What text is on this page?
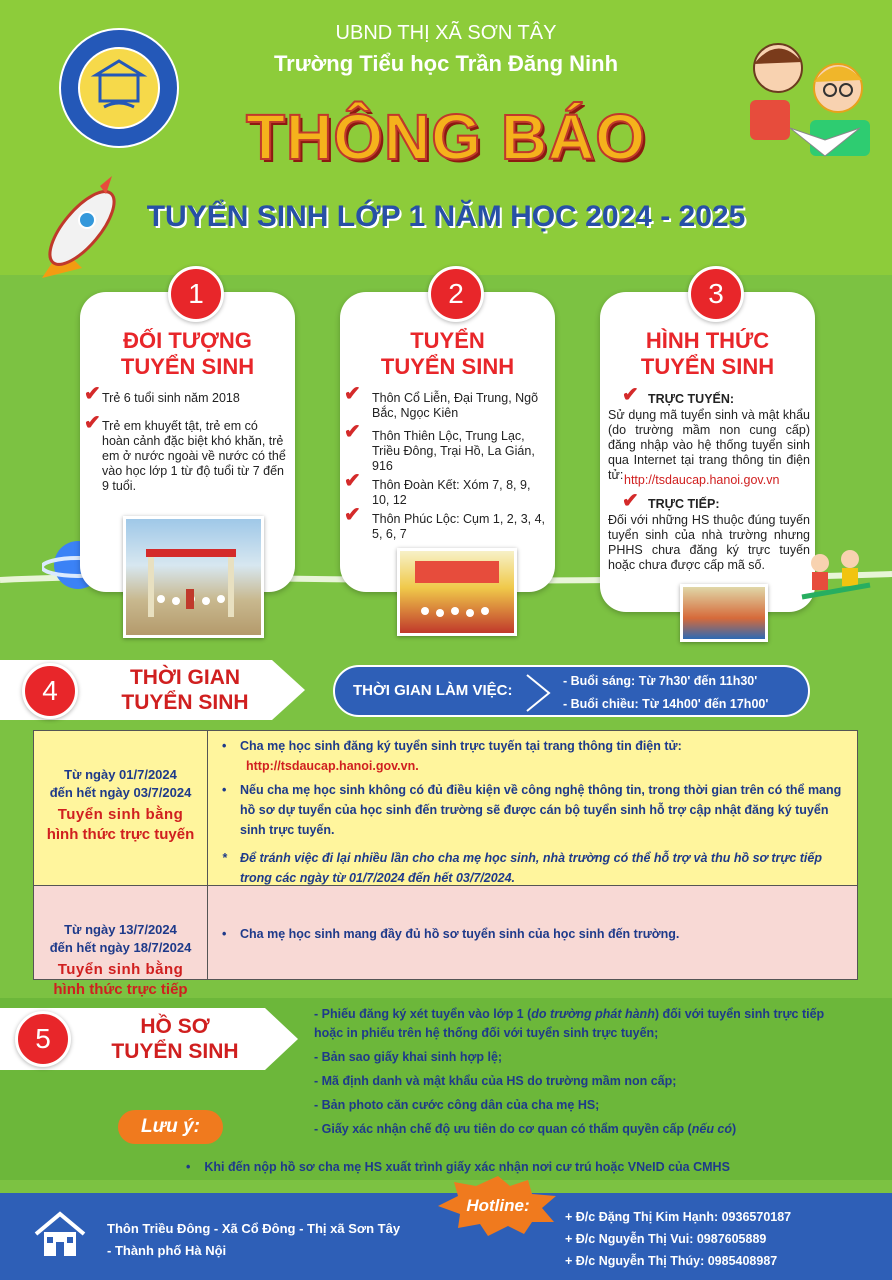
UBND THỊ XÃ SƠN TÂY
Trường Tiểu học Trần Đăng Ninh
THÔNG BÁO
TUYỂN SINH LỚP 1 NĂM HỌC 2024 - 2025
ĐỐI TƯỢNG
TUYỂN SINH
✔ Trẻ 6 tuổi sinh năm 2018
✔ Trẻ em khuyết tật, trẻ em có hoàn cảnh đặc biệt khó khăn, trẻ em ở nước ngoài về nước có thể vào học lớp 1 từ độ tuổi từ 7 đến 9 tuổi.
1
TUYỂN
TUYỂN SINH
✔ Thôn Cổ Liễn, Đại Trung, Ngõ Bắc, Ngọc Kiên
✔ Thôn Thiên Lộc, Trung Lạc, Triều Đông, Trại Hồ, La Gián, 916
✔ Thôn Đoàn Kết: Xóm 7, 8, 9, 10, 12
✔ Thôn Phúc Lộc: Cụm 1, 2, 3, 4, 5, 6, 7
2
HÌNH THỨC
TUYỂN SINH
✔ TRỰC TUYẾN:
Sử dụng mã tuyển sinh và mật khẩu (do trường mầm non cung cấp) đăng nhập vào hệ thống tuyển sinh qua Internet tại trang thông tin điện tử: http://tsdaucap.hanoi.gov.vn
✔ TRỰC TIẾP:
Đối với những HS thuộc đúng tuyến tuyển sinh của nhà trường nhưng PHHS chưa đăng ký trực tuyến hoặc chưa được cấp mã số.
3
4	THỜI GIAN
TUYỂN SINH
THỜI GIAN LÀM VIỆC:
- Buổi sáng: Từ 7h30' đến 11h30'
- Buổi chiều: Từ 14h00' đến 17h00'
Từ ngày 01/7/2024
đến hết ngày 03/7/2024
Tuyển sinh bằng
hình thức trực tuyến
Từ ngày 13/7/2024
đến hết ngày 18/7/2024
Tuyển sinh bằng
hình thức trực tiếp
• Cha mẹ học sinh đăng ký tuyển sinh trực tuyến tại trang thông tin điện tử:
http://tsdaucap.hanoi.gov.vn.
• Nếu cha mẹ học sinh không có đủ điều kiện về công nghệ thông tin, trong thời gian trên có thể mang hồ sơ dự tuyển của học sinh đến trường sẽ được cán bộ tuyển sinh hỗ trợ cập nhật đăng ký tuyển sinh trực tuyến.
* Để tránh việc đi lại nhiều lần cho cha mẹ học sinh, nhà trường có thể hỗ trợ và thu hồ sơ trực tiếp trong các ngày từ 01/7/2024 đến hết 03/7/2024.
• Cha mẹ học sinh mang đầy đủ hồ sơ tuyển sinh của học sinh đến trường.
5	HỒ SƠ
TUYỂN SINH
- Phiếu đăng ký xét tuyển vào lớp 1 (do trường phát hành) đối với tuyển sinh trực tiếp
hoặc in phiếu trên hệ thống đối với tuyển sinh trực tuyến;
- Bản sao giấy khai sinh hợp lệ;
- Mã định danh và mật khẩu của HS do trường mầm non cấp;
- Bản photo căn cước công dân của cha mẹ HS;
- Giấy xác nhận chế độ ưu tiên do cơ quan có thẩm quyền cấp (nếu có)
Lưu ý:
• Khi đến nộp hồ sơ cha mẹ HS xuất trình giấy xác nhận nơi cư trú hoặc VNeID của CMHS
Thôn Triều Đông - Xã Cổ Đông - Thị xã Sơn Tây
- Thành phố Hà Nội
Hotline:
+ Đ/c Đặng Thị Kim Hạnh: 0936570187
+ Đ/c Nguyễn Thị Vui: 0987605889
+ Đ/c Nguyễn Thị Thúy: 0985408987
